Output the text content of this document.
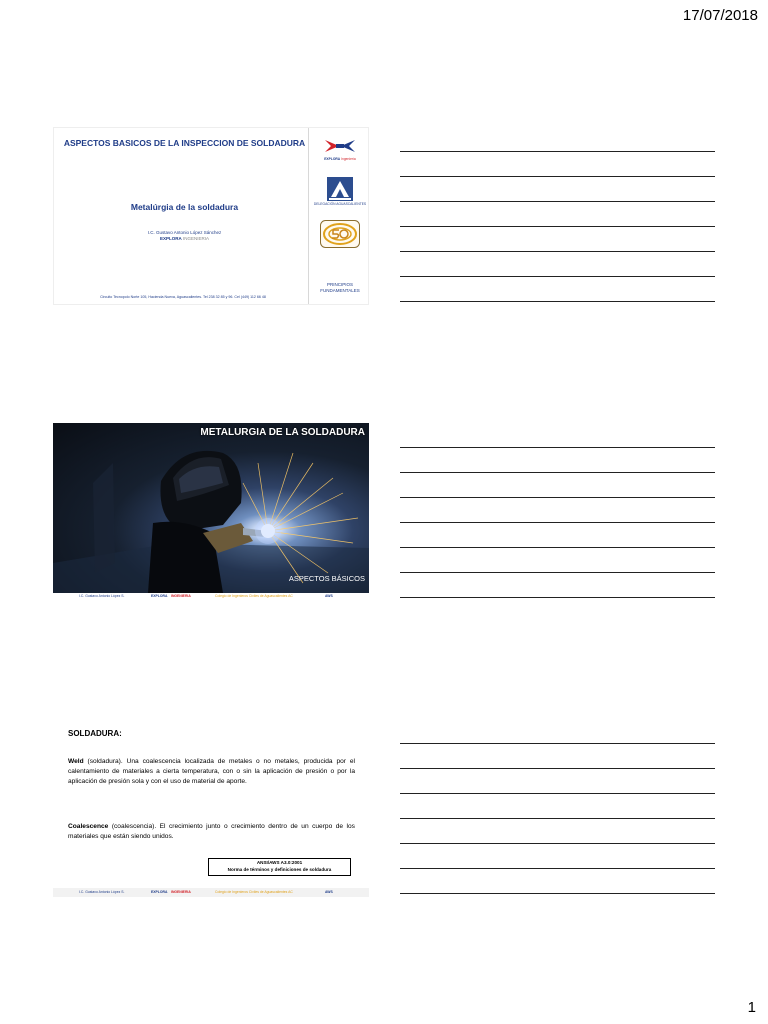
17/07/2018
ASPECTOS BASICOS DE LA INSPECCION DE SOLDADURA
Metalúrgia de la soldadura
I.C. Gustavo Antonio López Sánchez
EXPLORA INGENIERIA
Circuito Tecnopolo Norte 105, Hacienda Nueva, Aguascalientes. Tel 238 32 85 y 96. Cel (449) 112 66 48
EXPLORA Ingeniería
DELEGACIÓN AGUASCALIENTES
PRINCIPIOS
FUNDAMENTALES
METALURGIA DE LA SOLDADURA
ASPECTOS BÁSICOS
I.C. Gustavo Antonio López S.	EXPLORA INGENIERIA	Colegio de Ingenieros Civiles de Aguascalientes AC	AWS
SOLDADURA:
Weld (soldadura). Una coalescencia localizada de metales o no metales, producida por el calentamiento de materiales a cierta temperatura, con o sin la aplicación de presión o por la aplicación de presión sola y con el uso de material de aporte.
Coalescence (coalescencia). El crecimiento junto o crecimiento dentro de un cuerpo de los materiales que están siendo unidos.
ANSI/AWS A3.0:2001
Norma de términos y definiciones de soldadura
I.C. Gustavo Antonio López S.	EXPLORA INGENIERIA	Colegio de Ingenieros Civiles de Aguascalientes AC	AWS
1
